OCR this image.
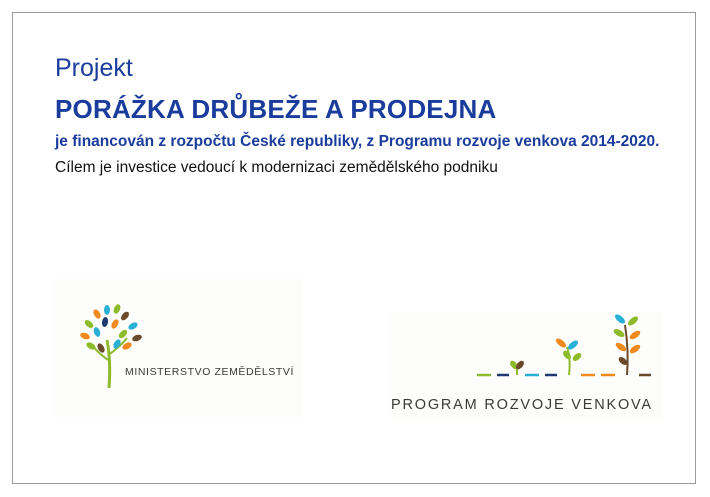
Projekt
PORÁŽKA DRŮBEŽE A PRODEJNA
je financován z rozpočtu České republiky, z Programu rozvoje venkova 2014-2020.
Cílem je investice vedoucí k modernizaci zemědělského podniku
MINISTERSTVO ZEMĚDĚLSTVÍ
PROGRAM ROZVOJE VENKOVA
